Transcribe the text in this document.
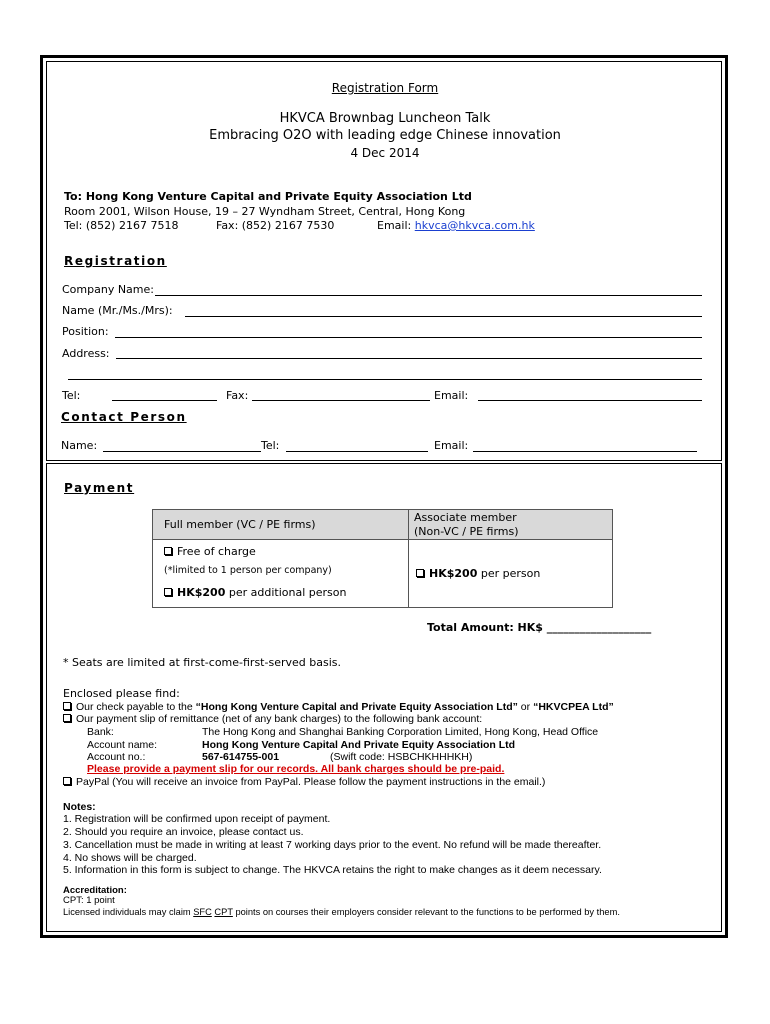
Registration Form
HKVCA Brownbag Luncheon Talk
Embracing O2O with leading edge Chinese innovation
4 Dec 2014
To: Hong Kong Venture Capital and Private Equity Association Ltd
Room 2001, Wilson House, 19 – 27 Wyndham Street, Central, Hong Kong
Tel: (852) 2167 7518	Fax: (852) 2167 7530	Email: hkvca@hkvca.com.hk
Registration
Company Name:
Name (Mr./Ms./Mrs):
Position:
Address:
Tel:	Fax:	Email:
Contact Person
Name:	Tel:	Email:
Payment
Full member (VC / PE firms)	Associate member
(Non-VC / PE firms)

Free of charge
(*limited to 1 person per company)
HK$200 per additional person	HK$200 per person
Total Amount: HK$ ___________________
* Seats are limited at first-come-first-served basis.
Enclosed please find:
Our check payable to the “Hong Kong Venture Capital and Private Equity Association Ltd” or “HKVCPEA Ltd”
Our payment slip of remittance (net of any bank charges) to the following bank account:
Bank:	The Hong Kong and Shanghai Banking Corporation Limited, Hong Kong, Head Office
Account name:	Hong Kong Venture Capital And Private Equity Association Ltd
Account no.:	567-614755-001	(Swift code: HSBCHKHHHKH)
Please provide a payment slip for our records. All bank charges should be pre-paid.
PayPal (You will receive an invoice from PayPal. Please follow the payment instructions in the email.)
Notes:
1. Registration will be confirmed upon receipt of payment.
2. Should you require an invoice, please contact us.
3. Cancellation must be made in writing at least 7 working days prior to the event. No refund will be made thereafter.
4. No shows will be charged.
5. Information in this form is subject to change. The HKVCA retains the right to make changes as it deem necessary.
Accreditation:
CPT: 1 point
Licensed individuals may claim SFC CPT points on courses their employers consider relevant to the functions to be performed by them.
